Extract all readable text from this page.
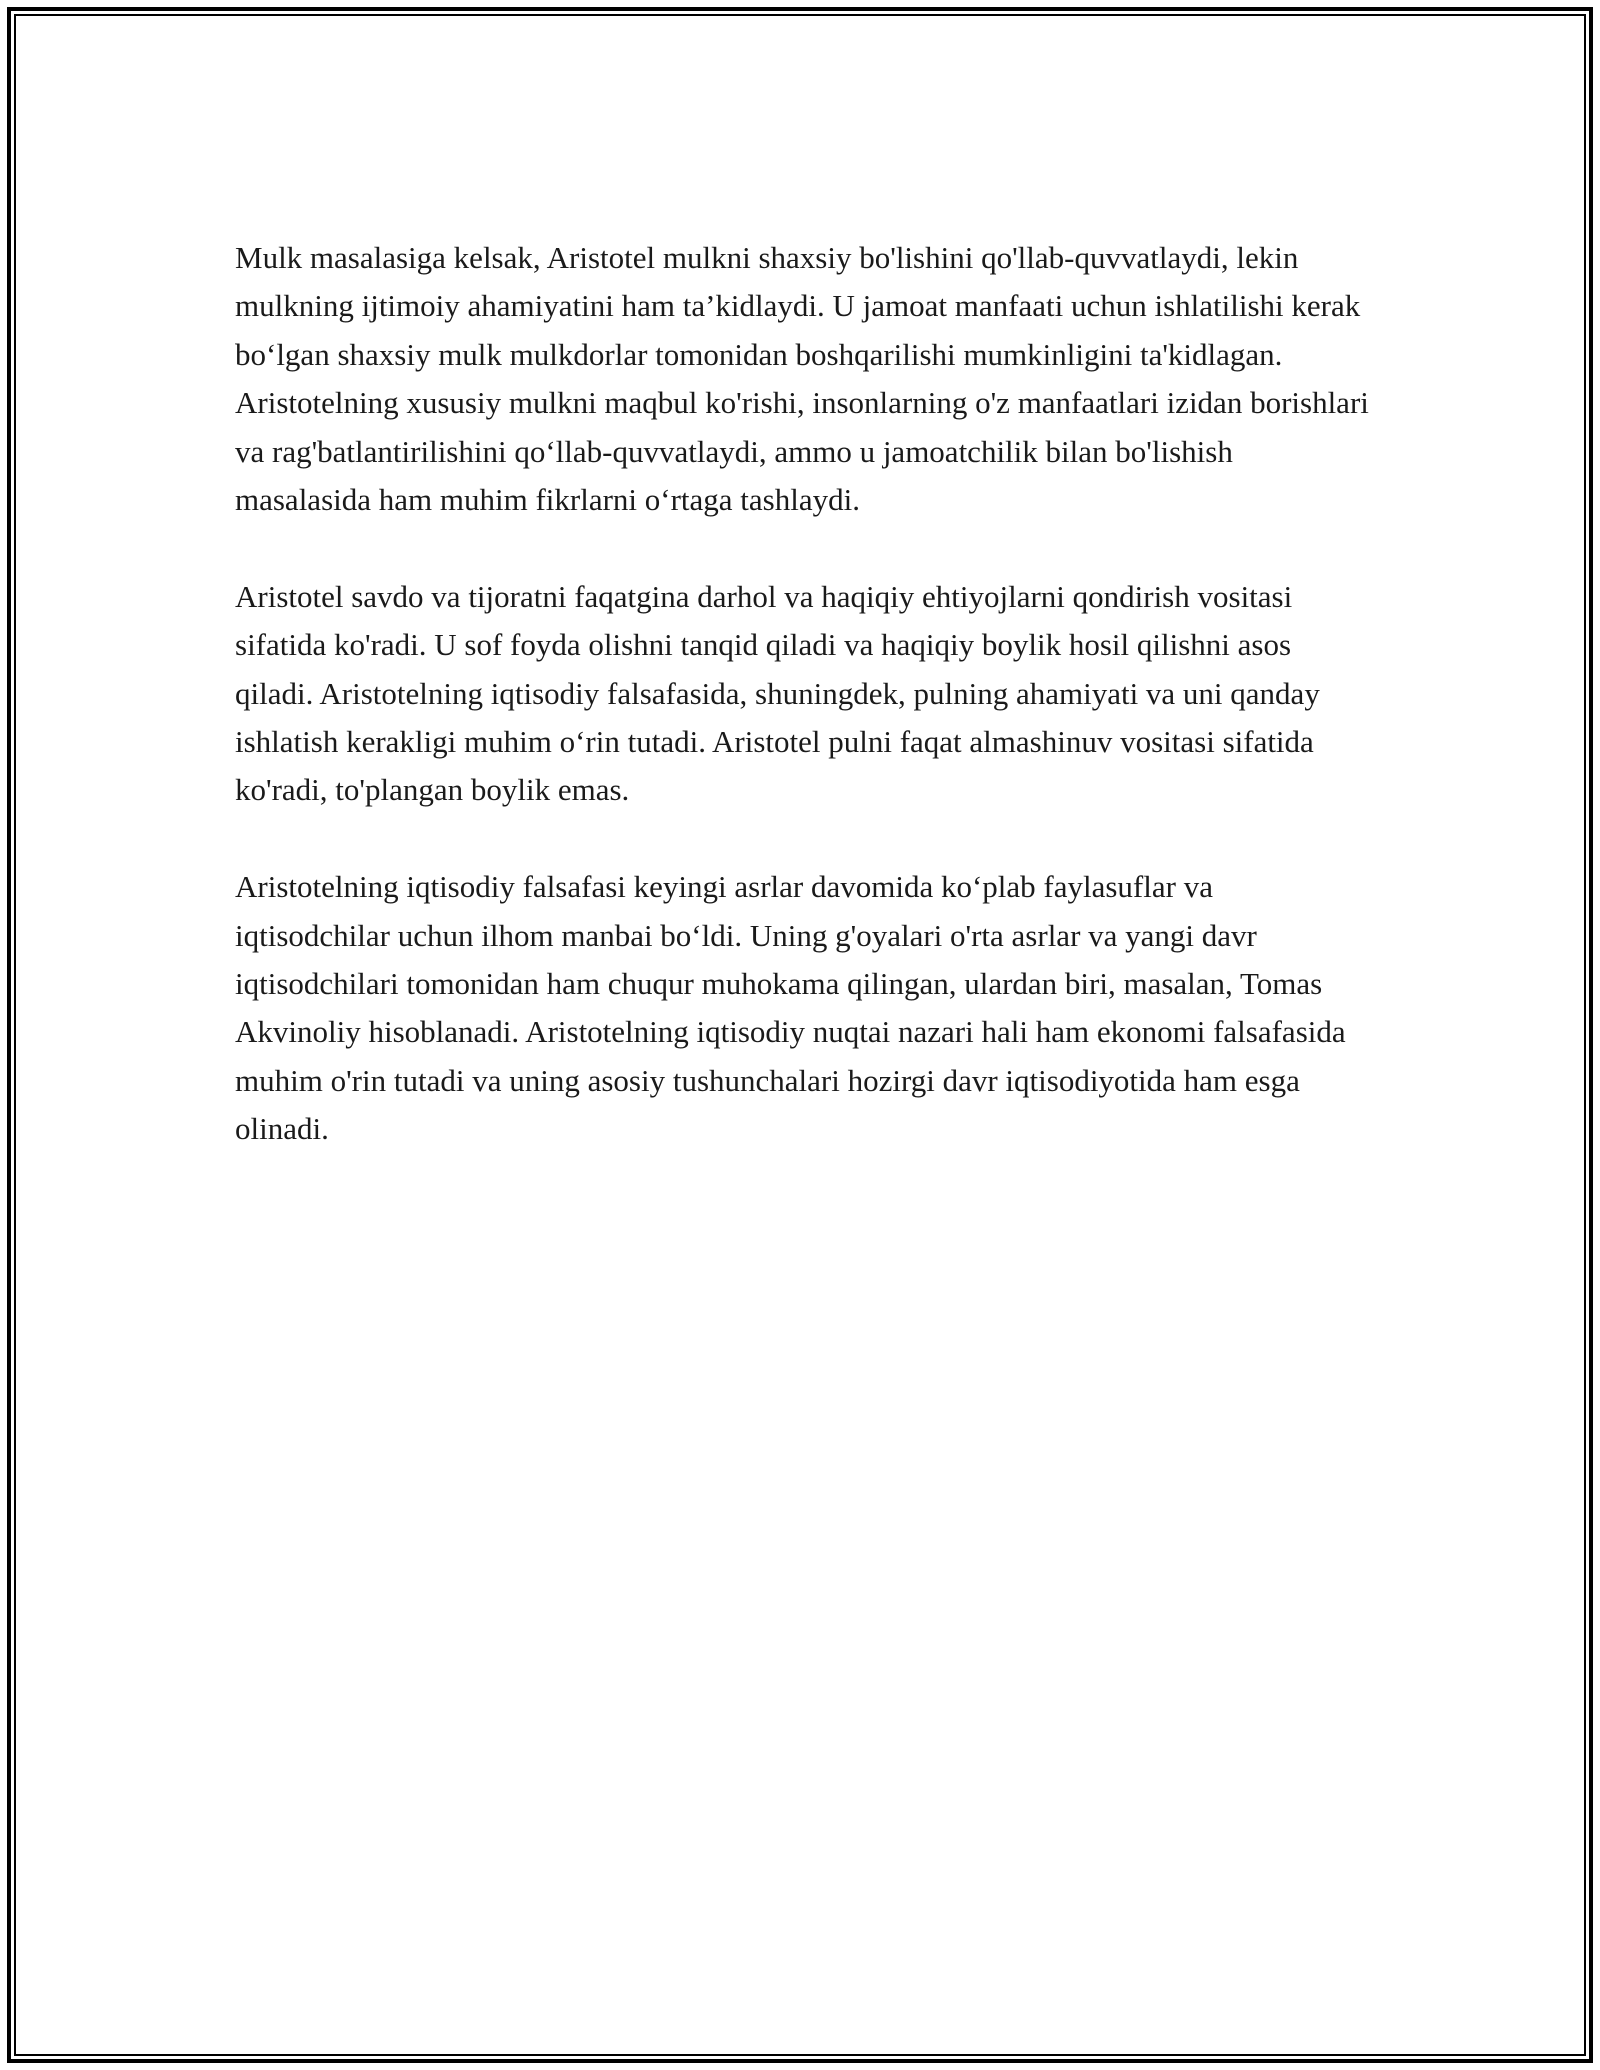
Mulk masalasiga kelsak, Aristotel mulkni shaxsiy bo'lishini qo'llab-quvvatlaydi, lekin mulkning ijtimoiy ahamiyatini ham ta’kidlaydi. U jamoat manfaati uchun ishlatilishi kerak bo‘lgan shaxsiy mulk mulkdorlar tomonidan boshqarilishi mumkinligini ta'kidlagan. Aristotelning xususiy mulkni maqbul ko'rishi, insonlarning o'z manfaatlari izidan borishlari va rag'batlantirilishini qo‘llab-quvvatlaydi, ammo u jamoatchilik bilan bo'lishish masalasida ham muhim fikrlarni o‘rtaga tashlaydi.

Aristotel savdo va tijoratni faqatgina darhol va haqiqiy ehtiyojlarni qondirish vositasi sifatida ko'radi. U sof foyda olishni tanqid qiladi va haqiqiy boylik hosil qilishni asos qiladi. Aristotelning iqtisodiy falsafasida, shuningdek, pulning ahamiyati va uni qanday ishlatish kerakligi muhim o‘rin tutadi. Aristotel pulni faqat almashinuv vositasi sifatida ko'radi, to'plangan boylik emas.

Aristotelning iqtisodiy falsafasi keyingi asrlar davomida ko‘plab faylasuflar va iqtisodchilar uchun ilhom manbai bo‘ldi. Uning g'oyalari o'rta asrlar va yangi davr iqtisodchilari tomonidan ham chuqur muhokama qilingan, ulardan biri, masalan, Tomas Akvinoliy hisoblanadi. Aristotelning iqtisodiy nuqtai nazari hali ham ekonomi falsafasida muhim o'rin tutadi va uning asosiy tushunchalari hozirgi davr iqtisodiyotida ham esga olinadi.
